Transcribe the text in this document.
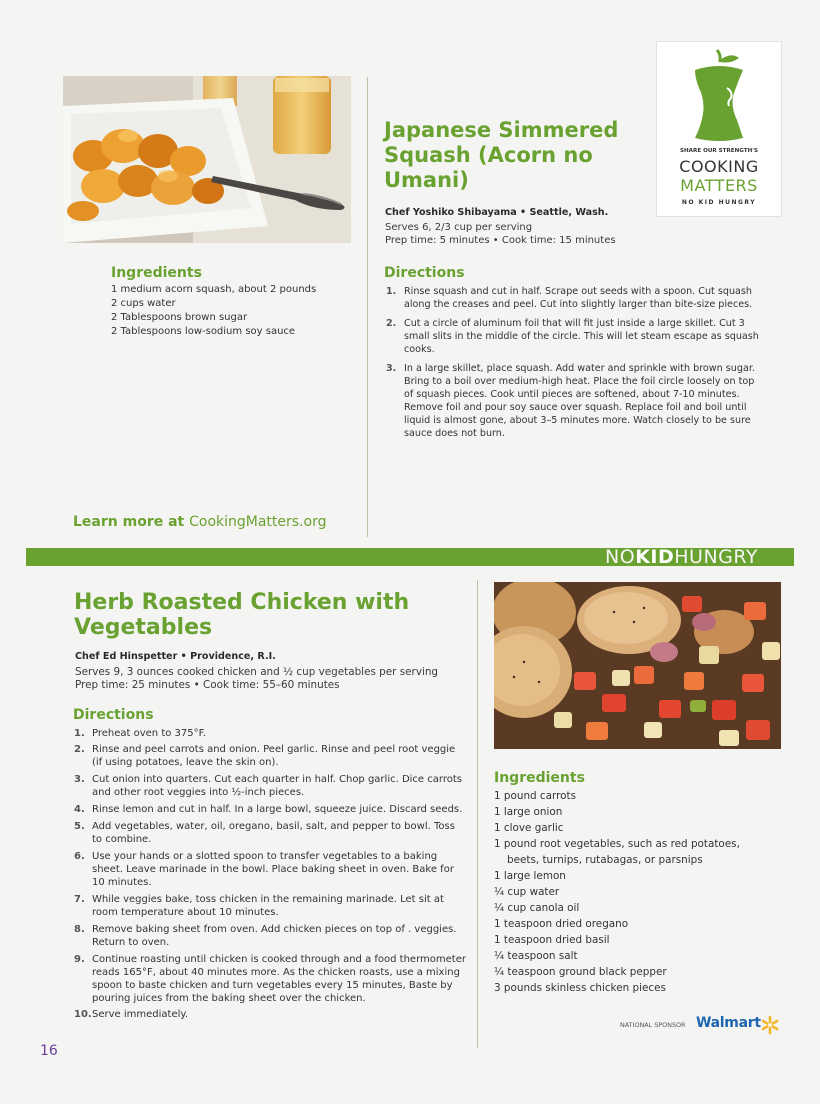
Japanese Simmered Squash (Acorn no Umani)
Chef Yoshiko Shibayama • Seattle, Wash.
Serves 6, 2/3 cup per serving
Prep time: 5 minutes • Cook time: 15 minutes
Ingredients
1 medium acorn squash, about 2 pounds
2 cups water
2 Tablespoons brown sugar
2 Tablespoons low-sodium soy sauce
Directions
1. Rinse squash and cut in half. Scrape out seeds with a spoon. Cut squash along the creases and peel. Cut into slightly larger than bite-size pieces.
2. Cut a circle of aluminum foil that will fit just inside a large skillet. Cut 3 small slits in the middle of the circle. This will let steam escape as squash cooks.
3. In a large skillet, place squash. Add water and sprinkle with brown sugar. Bring to a boil over medium-high heat. Place the foil circle loosely on top of squash pieces. Cook until pieces are softened, about 7-10 minutes. Remove foil and pour soy sauce over squash. Replace foil and boil until liquid is almost gone, about 3–5 minutes more. Watch closely to be sure sauce does not burn.
Learn more at CookingMatters.org
SHARE OUR STRENGTH'S
COOKING
MATTERS
NO KID HUNGRY
NOKIDHUNGRY
Herb Roasted Chicken with Vegetables
Chef Ed Hinspetter • Providence, R.I.
Serves 9, 3 ounces cooked chicken and ½ cup vegetables per serving
Prep time: 25 minutes • Cook time: 55–60 minutes
Directions
1. Preheat oven to 375°F.
2. Rinse and peel carrots and onion. Peel garlic. Rinse and peel root veggie (if using potatoes, leave the skin on).
3. Cut onion into quarters. Cut each quarter in half. Chop garlic. Dice carrots and other root veggies into ½-inch pieces.
4. Rinse lemon and cut in half. In a large bowl, squeeze juice. Discard seeds.
5. Add vegetables, water, oil, oregano, basil, salt, and pepper to bowl. Toss to combine.
6. Use your hands or a slotted spoon to transfer vegetables to a baking sheet. Leave marinade in the bowl. Place baking sheet in oven. Bake for 10 minutes.
7. While veggies bake, toss chicken in the remaining marinade. Let sit at room temperature about 10 minutes.
8. Remove baking sheet from oven. Add chicken pieces on top of . veggies. Return to oven.
9. Continue roasting until chicken is cooked through and a food thermometer reads 165°F, about 40 minutes more. As the chicken roasts, use a mixing spoon to baste chicken and turn vegetables every 15 minutes, Baste by pouring juices from the baking sheet over the chicken.
10. Serve immediately.
Ingredients
1 pound carrots
1 large onion
1 clove garlic
1 pound root vegetables, such as red potatoes,
beets, turnips, rutabagas, or parsnips
1 large lemon
¼ cup water
¼ cup canola oil
1 teaspoon dried oregano
1 teaspoon dried basil
¼ teaspoon salt
¼ teaspoon ground black pepper
3 pounds skinless chicken pieces
NATIONAL SPONSOR Walmart
16
